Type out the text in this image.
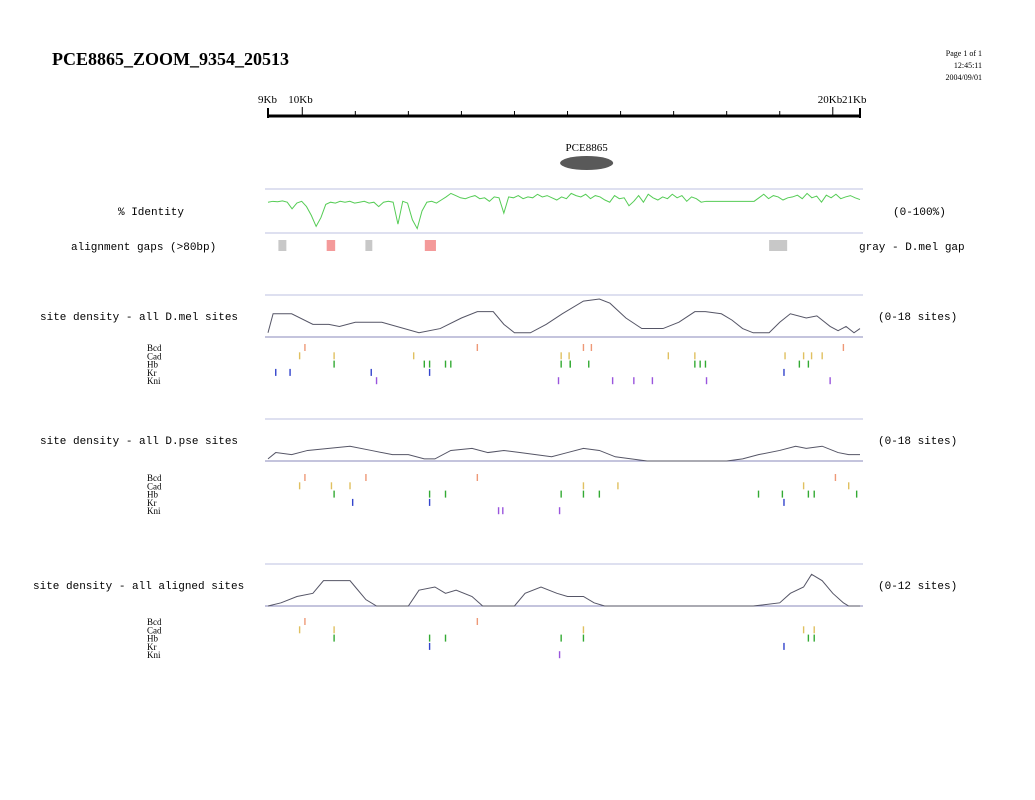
PCE8865_ZOOM_9354_20513	Page 1 of 1
12:45:11
2004/09/01
9Kb 10Kb	20Kb 21Kb
PCE8865
% Identity	(0-100%)
alignment gaps (>80bp)	gray - D.mel gap
site density - all D.mel sites	(0-18 sites)
Bcd
Cad
Hb
Kr
Kni
site density - all D.pse sites	(0-18 sites)
Bcd
Cad
Hb
Kr
Kni
site density - all aligned sites	(0-12 sites)
Bcd
Cad
Hb
Kr
Kni
